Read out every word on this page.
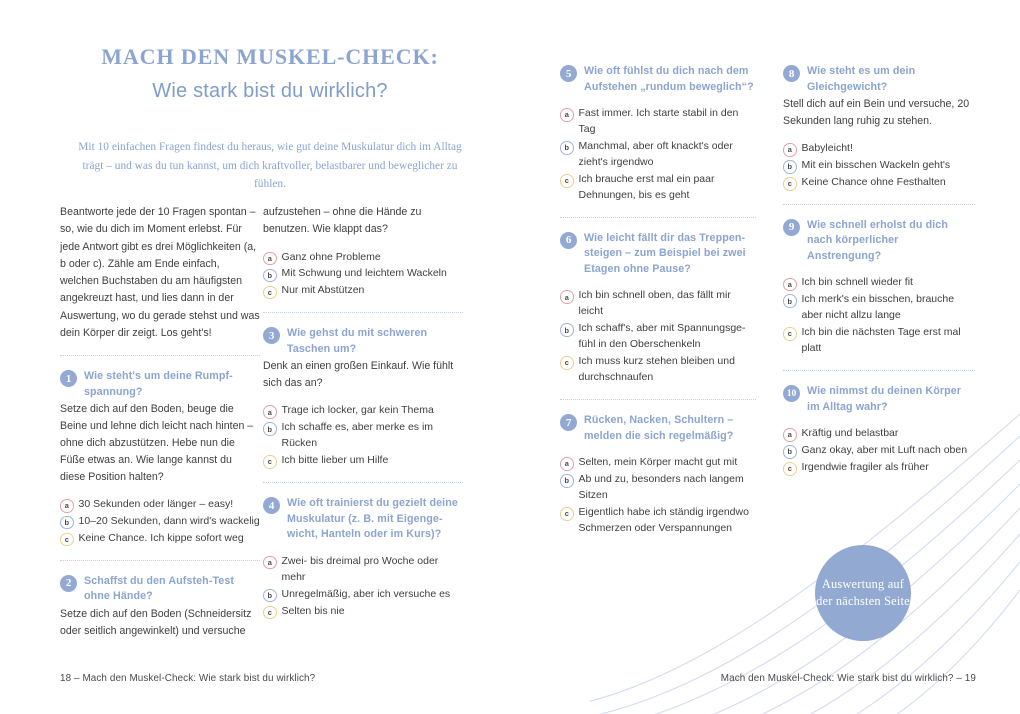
MACH DEN MUSKEL-CHECK:
Wie stark bist du wirklich?

Mit 10 einfachen Fragen findest du heraus, wie gut deine Muskulatur dich im Alltag trägt – und was du tun kannst, um dich kraftvoller, belastbarer und beweglicher zu fühlen.

Beantworte jede der 10 Fragen spontan – so, wie du dich im Moment erlebst. Für jede Antwort gibt es drei Möglichkeiten (a, b oder c). Zähle am Ende einfach, welchen Buchstaben du am häufigsten angekreuzt hast, und lies dann in der Auswertung, wo du gerade stehst und was dein Körper dir zeigt. Los geht's!

1	Wie steht's um deine Rumpf-spannung?

Setze dich auf den Boden, beuge die Beine und lehne dich leicht nach hinten – ohne dich abzustützen. Hebe nun die Füße etwas an. Wie lange kannst du diese Position halten?

a 30 Sekunden oder länger – easy!
b 10–20 Sekunden, dann wird's wackelig
c Keine Chance. Ich kippe sofort weg
2	Schaffst du den Aufsteh-Test ohne Hände?

Setze dich auf den Boden (Schneidersitz oder seitlich angewinkelt) und versuche

aufzustehen – ohne die Hände zu benutzen. Wie klappt das?

a Ganz ohne Probleme
b Mit Schwung und leichtem Wackeln
c Nur mit Abstützen
3	Wie gehst du mit schweren Taschen um?

Denk an einen großen Einkauf. Wie fühlt sich das an?

a Trage ich locker, gar kein Thema
b Ich schaffe es, aber merke es im Rücken
c Ich bitte lieber um Hilfe
4	Wie oft trainierst du gezielt deine Muskulatur (z. B. mit Eigenge-wicht, Hanteln oder im Kurs)?
a Zwei- bis dreimal pro Woche oder mehr
b Unregelmäßig, aber ich versuche es
c Selten bis nie
5	Wie oft fühlst du dich nach dem Aufstehen „rundum beweglich“?
a Fast immer. Ich starte stabil in den Tag
b Manchmal, aber oft knackt's oder zieht's irgendwo
c Ich brauche erst mal ein paar Dehnungen, bis es geht
6	Wie leicht fällt dir das Treppen-steigen – zum Beispiel bei zwei Etagen ohne Pause?
a Ich bin schnell oben, das fällt mir leicht
b Ich schaff's, aber mit Spannungsge-fühl in den Oberschenkeln
c Ich muss kurz stehen bleiben und durchschnaufen
7	Rücken, Nacken, Schultern – melden die sich regelmäßig?
a Selten, mein Körper macht gut mit
b Ab und zu, besonders nach langem Sitzen
c Eigentlich habe ich ständig irgendwo Schmerzen oder Verspannungen
8	Wie steht es um dein Gleichgewicht?

Stell dich auf ein Bein und versuche, 20 Sekunden lang ruhig zu stehen.

a Babyleicht!
b Mit ein bisschen Wackeln geht's
c Keine Chance ohne Festhalten
9	Wie schnell erholst du dich nach körperlicher Anstrengung?
a Ich bin schnell wieder fit
b Ich merk's ein bisschen, brauche aber nicht allzu lange
c Ich bin die nächsten Tage erst mal platt
10	Wie nimmst du deinen Körper im Alltag wahr?
a Kräftig und belastbar
b Ganz okay, aber mit Luft nach oben
c Irgendwie fragiler als früher
Auswertung auf der nächsten Seite
18 – Mach den Muskel-Check: Wie stark bist du wirklich?	Mach den Muskel-Check: Wie stark bist du wirklich? – 19
